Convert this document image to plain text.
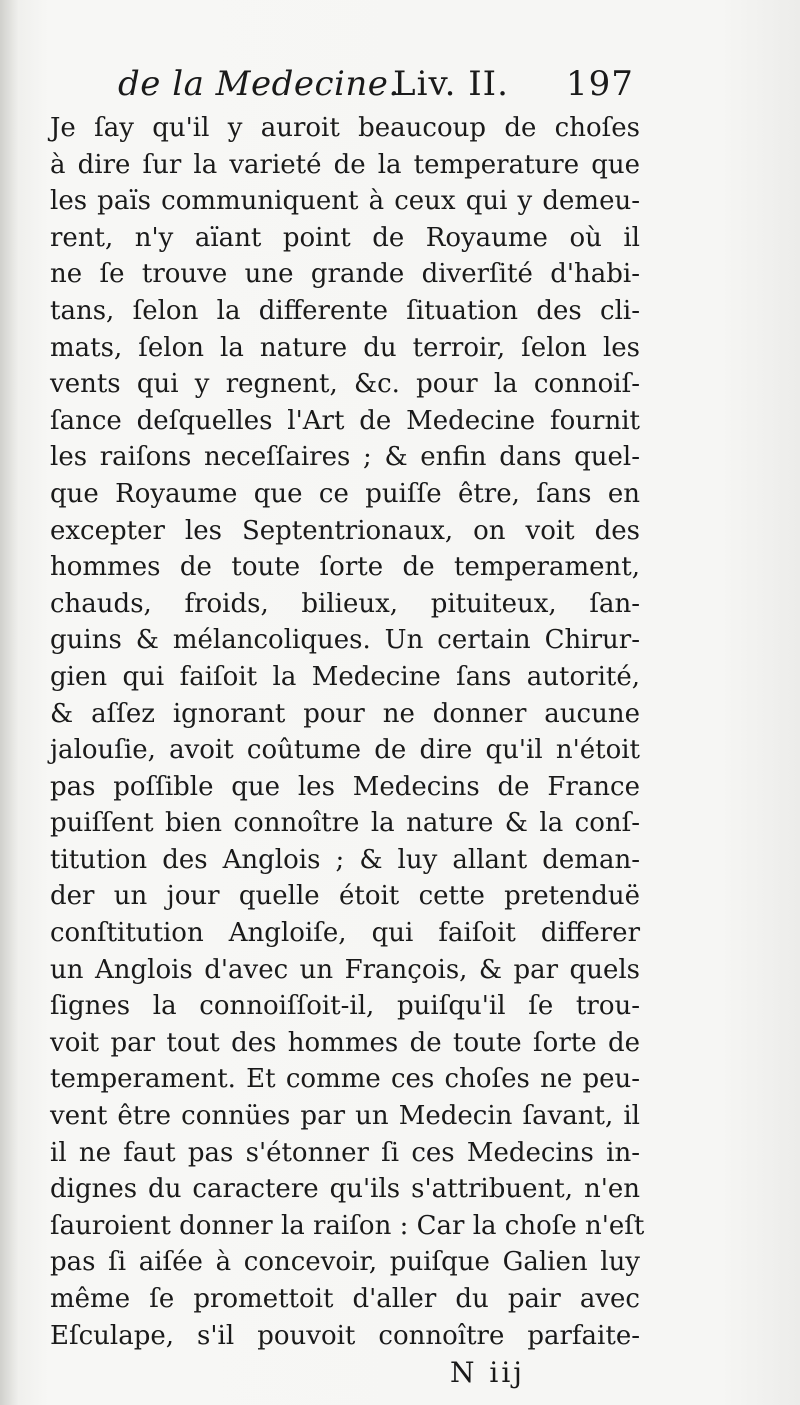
de la Medecine.
Liv. II. 197
Je ſay qu'il y auroit beaucoup de choſes
à dire ſur la varieté de la temperature que
les païs communiquent à ceux qui y demeu-
rent, n'y aïant point de Royaume où il
ne ſe trouve une grande diverſité d'habi-
tans, ſelon la differente ſituation des cli-
mats, ſelon la nature du terroir, ſelon les
vents qui y regnent, &c. pour la connoiſ-
ſance deſquelles l'Art de Medecine fournit
les raiſons neceſſaires ; & enfin dans quel-
que Royaume que ce puiſſe être, ſans en
excepter les Septentrionaux, on voit des
hommes de toute ſorte de temperament,
chauds, froids, bilieux, pituiteux, ſan-
guins & mélancoliques. Un certain Chirur-
gien qui faiſoit la Medecine ſans autorité,
& aſſez ignorant pour ne donner aucune
jalouſie, avoit coûtume de dire qu'il n'étoit
pas poſſible que les Medecins de France
puiſſent bien connoître la nature & la conſ-
titution des Anglois ; & luy allant deman-
der un jour quelle étoit cette pretenduë
conſtitution Angloiſe, qui faiſoit differer
un Anglois d'avec un François, & par quels
ſignes la connoiſſoit-il, puiſqu'il ſe trou-
voit par tout des hommes de toute ſorte de
temperament. Et comme ces choſes ne peu-
vent être connües par un Medecin ſavant, il
il ne faut pas s'étonner ſi ces Medecins in-
dignes du caractere qu'ils s'attribuent, n'en
ſauroient donner la raiſon : Car la choſe n'eſt
pas ſi aiſée à concevoir, puiſque Galien luy
même ſe promettoit d'aller du pair avec
Eſculape, s'il pouvoit connoître parfaite-
N iij
